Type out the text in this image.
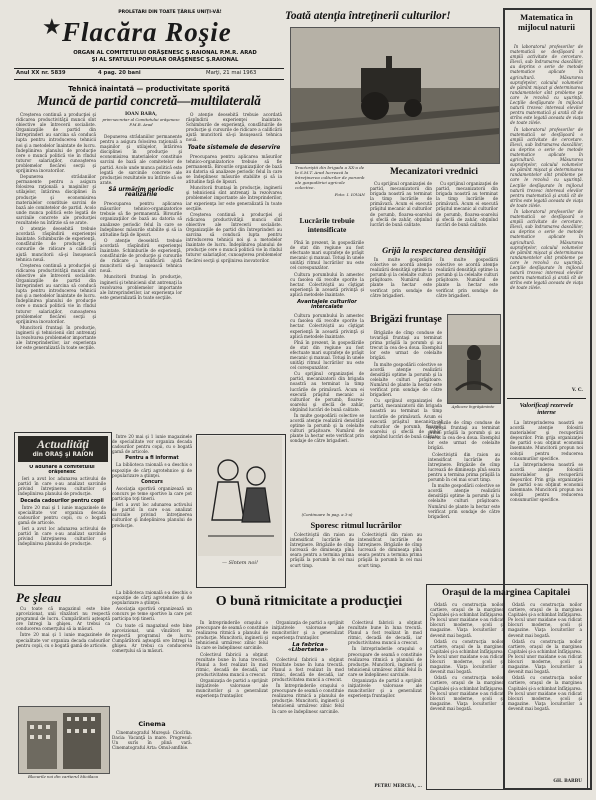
PROLETARI DIN TOATE ŢĂRILE UNIŢI-VĂ!
★ Flacăra Roşie
ORGAN AL COMITETULUI ORĂŞENESC Ş.RAIONAL P.M.R. ARAD
ŞI AL SFATULUI POPULAR ORĂŞENESC Ş.RAIONAL
Anul XX nr. 5839	4 pag. 20 bani	Marţi, 21 mai 1963
Tehnică înaintată — productivitate sporită
Muncă de partid concretă—multilaterală

Creşterea continuă a producţiei şi ridicarea productivităţii muncii sînt obiective ale întrecerii socialiste. Organizaţiile de partid din întreprinderi au sarcina să conducă lupta pentru introducerea tehnicii noi şi a metodelor înaintate de lucru. Îndeplinirea planului de producţie cere o muncă politică vie în rîndul tuturor salariaţilor, cunoaşterea problemelor fiecărei secţii şi sprijinirea inovatorilor.

Depunerea strădaniilor permanente pentru a asigura folosirea raţională a maşinilor şi utilajelor, întărirea disciplinei în producţie şi economisirea materialelor constituie sarcini de bază ale comitetelor de partid. Acolo unde munca politică este legată de sarcinile concrete ale producţiei rezultatele nu întîrzie să se arate.

O atenţie deosebită trebuie acordată răspîndirii experienţei înaintate. Schimburile de experienţă, consfătuirile de producţie şi cursurile de ridicare a calificării ajută muncitorii să-şi însuşească tehnica nouă.

Creşterea continuă a producţiei şi ridicarea productivităţii muncii sînt obiective ale întrecerii socialiste. Organizaţiile de partid din întreprinderi au sarcina să conducă lupta pentru introducerea tehnicii noi şi a metodelor înaintate de lucru. Îndeplinirea planului de producţie cere o muncă politică vie în rîndul tuturor salariaţilor, cunoaşterea problemelor fiecărei secţii şi sprijinirea inovatorilor.

Muncitorii fruntaşi în producţie, inginerii şi tehnicienii sînt antrenaţi la rezolvarea problemelor importante ale întreprinderilor, iar experienţa lor este generalizată în toate secţiile.

IOAN BABA,
prim-secretar al Comitetului orăşenesc P.M.R. Arad

Depunerea strădaniilor permanente pentru a asigura folosirea raţională a maşinilor şi utilajelor, întărirea disciplinei în producţie şi economisirea materialelor constituie sarcini de bază ale comitetelor de partid. Acolo unde munca politică este legată de sarcinile concrete ale producţiei rezultatele nu întîrzie să se arate.

Să urmărim periodic realizările

Preocuparea pentru aplicarea măsurilor tehnico-organizatorice trebuie să fie permanentă. Birourile organizaţiilor de bază au datoria să analizeze periodic felul în care se îndeplinesc măsurile stabilite şi să ia atitudine faţă de lipsuri.

O atenţie deosebită trebuie acordată răspîndirii experienţei înaintate. Schimburile de experienţă, consfătuirile de producţie şi cursurile de ridicare a calificării ajută muncitorii să-şi însuşească tehnica nouă.

Muncitorii fruntaşi în producţie, inginerii şi tehnicienii sînt antrenaţi la rezolvarea problemelor importante ale întreprinderilor, iar experienţa lor este generalizată în toate secţiile.

O atenţie deosebită trebuie acordată răspîndirii experienţei înaintate. Schimburile de experienţă, consfătuirile de producţie şi cursurile de ridicare a calificării ajută muncitorii să-şi însuşească tehnica nouă.

Toate sistemele de deservire

Preocuparea pentru aplicarea măsurilor tehnico-organizatorice trebuie să fie permanentă. Birourile organizaţiilor de bază au datoria să analizeze periodic felul în care se îndeplinesc măsurile stabilite şi să ia atitudine faţă de lipsuri.

Muncitorii fruntaşi în producţie, inginerii şi tehnicienii sînt antrenaţi la rezolvarea problemelor importante ale întreprinderilor, iar experienţa lor este generalizată în toate secţiile.

Creşterea continuă a producţiei şi ridicarea productivităţii muncii sînt obiective ale întrecerii socialiste. Organizaţiile de partid din întreprinderi au sarcina să conducă lupta pentru introducerea tehnicii noi şi a metodelor înaintate de lucru. Îndeplinirea planului de producţie cere o muncă politică vie în rîndul tuturor salariaţilor, cunoaşterea problemelor fiecărei secţii şi sprijinirea inovatorilor.

Toată atenţia întreţinerii culturilor!
Tractoriştii din brigada a XX-a de la S.M.T. Arad lucrează la întreţinerea culturilor de porumb ale gospodăriei agricole colective.
Foto: I. IOVAN
Mecanizatori vrednici

Cu sprijinul organizaţiei de partid, mecanizatorii din brigada noastră au terminat la timp lucrările de primăvară. Acum ei execută prăşitul mecanic al culturilor de porumb, floarea-soarelui şi sfeclă de zahăr, obţinînd lucrări de bună calitate.

Cu sprijinul organizaţiei de partid, mecanizatorii din brigada noastră au terminat la timp lucrările de primăvară. Acum ei execută prăşitul mecanic al culturilor de porumb, floarea-soarelui şi sfeclă de zahăr, obţinînd lucrări de bună calitate.

Lucrările trebuie intensificate

Pînă în prezent, în gospodăriile de stat din regiune au fost efectuate mari suprafeţe de prăşit mecanic şi manual. Totuşi în unele unităţi ritmul lucrărilor nu este cel corespunzător.

Cultura porumbului în amestec cu fasolea dă recolte sporite la hectar. Colectiviştii au cîştigat experienţă în această privinţă şi aplică metodele înaintate.

Avantajele culturilor intercalate

Cultura porumbului în amestec cu fasolea dă recolte sporite la hectar. Colectiviştii au cîştigat experienţă în această privinţă şi aplică metodele înaintate.

Pînă în prezent, în gospodăriile de stat din regiune au fost efectuate mari suprafeţe de prăşit mecanic şi manual. Totuşi în unele unităţi ritmul lucrărilor nu este cel corespunzător.

Cu sprijinul organizaţiei de partid, mecanizatorii din brigada noastră au terminat la timp lucrările de primăvară. Acum ei execută prăşitul mecanic al culturilor de porumb, floarea-soarelui şi sfeclă de zahăr, obţinînd lucrări de bună calitate.

În multe gospodării colective se acordă atenţie realizării densităţii optime la porumb şi la celelalte culturi prăşitoare. Numărul de plante la hectar este verificat prin sondaje de către brigadieri.

Grijă la respectarea densităţii

În multe gospodării colective se acordă atenţie realizării densităţii optime la porumb şi la celelalte culturi prăşitoare. Numărul de plante la hectar este verificat prin sondaje de către brigadieri.

În multe gospodării colective se acordă atenţie realizării densităţii optime la porumb şi la celelalte culturi prăşitoare. Numărul de plante la hectar este verificat prin sondaje de către brigadieri.

Brigăzi fruntaşe

Brigăzile de cîmp conduse de tovarăşii fruntaşi au terminat prima prăşilă la porumb şi au trecut la cea de-a doua. Exemplul lor este urmat de celelalte brigăzi.

În multe gospodării colective se acordă atenţie realizării densităţii optime la porumb şi la celelalte culturi prăşitoare. Numărul de plante la hectar este verificat prin sondaje de către brigadieri.

Cu sprijinul organizaţiei de partid, mecanizatorii din brigada noastră au terminat la timp lucrările de primăvară. Acum ei execută prăşitul mecanic al culturilor de porumb, floarea-soarelui şi sfeclă de zahăr, obţinînd lucrări de bună calitate.

Aplicare îngrăşăminte
Matematica în mijlocul naturii

În laboratorul profesorilor de matematică se desfăşoară o amplă activitate de cercetare. Elevii, sub îndrumarea dascălilor, au deprins o serie de metode matematice aplicate în agricultură. Măsurarea suprafeţelor, calculul volumelor de pămînt mişcat şi determinarea randamentelor sînt probleme pe care le rezolvă cu uşurinţă. Lecţiile desfăşurate în mijlocul naturii trezesc interesul elevilor pentru matematică şi arată cît de strîns este legată aceasta de viaţa de toate zilele.

În laboratorul profesorilor de matematică se desfăşoară o amplă activitate de cercetare. Elevii, sub îndrumarea dascălilor, au deprins o serie de metode matematice aplicate în agricultură. Măsurarea suprafeţelor, calculul volumelor de pămînt mişcat şi determinarea randamentelor sînt probleme pe care le rezolvă cu uşurinţă. Lecţiile desfăşurate în mijlocul naturii trezesc interesul elevilor pentru matematică şi arată cît de strîns este legată aceasta de viaţa de toate zilele.

În laboratorul profesorilor de matematică se desfăşoară o amplă activitate de cercetare. Elevii, sub îndrumarea dascălilor, au deprins o serie de metode matematice aplicate în agricultură. Măsurarea suprafeţelor, calculul volumelor de pămînt mişcat şi determinarea randamentelor sînt probleme pe care le rezolvă cu uşurinţă. Lecţiile desfăşurate în mijlocul naturii trezesc interesul elevilor pentru matematică şi arată cît de strîns este legată aceasta de viaţa de toate zilele.

V. C.
Valorificaţi rezervele interne

La întreprinderea noastră se acordă atenţie folosirii materialelor şi recuperării deşeurilor. Prin grija organizaţiei de partid s-au obţinut economii însemnate. Muncitorii propun noi soluţii pentru reducerea consumurilor specifice.

La întreprinderea noastră se acordă atenţie folosirii materialelor şi recuperării deşeurilor. Prin grija organizaţiei de partid s-au obţinut economii însemnate. Muncitorii propun noi soluţii pentru reducerea consumurilor specifice.

Actualităţi
din ORAŞ şi RAION
O adunare a comitetului orăşenesc

Ieri a avut loc adunarea activului de partid în care s-au analizat sarcinile privind întreţinerea culturilor şi îndeplinirea planului de producţie.

Decada cadourilor pentru copii

Între 20 mai şi 1 iunie magazinele de specialitate vor organiza decada cadourilor pentru copii, cu o bogată gamă de articole.

Ieri a avut loc adunarea activului de partid în care s-au analizat sarcinile privind întreţinerea culturilor şi îndeplinirea planului de producţie.

Între 20 mai şi 1 iunie magazinele de specialitate vor organiza decada cadourilor pentru copii, cu o bogată gamă de articole.

Pentru a fi informat

La biblioteca raională s-a deschis o expoziţie de cărţi agrotehnice şi de popularizare a ştiinţei.

Concurs

Asociaţia sportivă organizează un concurs pe teme sportive la care pot participa toţi tinerii.

Ieri a avut loc adunarea activului de partid în care s-au analizat sarcinile privind întreţinerea culturilor şi îndeplinirea planului de producţie.

— Sîntem noi!
Sporesc ritmul lucrărilor

Colectiviştii din raion au intensificat lucrările de întreţinere. Brigăzile de cîmp lucrează de dimineaţa pînă seara pentru a termina prima prăşilă la porumb în cel mai scurt timp.

Colectiviştii din raion au intensificat lucrările de întreţinere. Brigăzile de cîmp lucrează de dimineaţa pînă seara pentru a termina prima prăşilă la porumb în cel mai scurt timp.

Brigăzile de cîmp conduse de tovarăşii fruntaşi au terminat prima prăşilă la porumb şi au trecut la cea de-a doua. Exemplul lor este urmat de celelalte brigăzi.

Colectiviştii din raion au intensificat lucrările de întreţinere. Brigăzile de cîmp lucrează de dimineaţa pînă seara pentru a termina prima prăşilă la porumb în cel mai scurt timp.

În multe gospodării colective se acordă atenţie realizării densităţii optime la porumb şi la celelalte culturi prăşitoare. Numărul de plante la hectar este verificat prin sondaje de către brigadieri.

Pe şleau

Cu toate că magazinul este bine aprovizionat, unii vînzători nu respectă programul de lucru. Cumpărătorii aşteaptă ore întregi la ghişeu. Ar trebui ca conducerea comerţului să ia măsuri.

Între 20 mai şi 1 iunie magazinele de specialitate vor organiza decada cadourilor pentru copii, cu o bogată gamă de articole.

Blocurile noi din cartierul Micălaca
Cinema

Cinematograful Mureşul: Ciocîrlia. Dacia: Vacanţă la mare. Progresul: Un surîs în plină vară. Cinematograful Arta: Omul-amfibie.

La biblioteca raională s-a deschis o expoziţie de cărţi agrotehnice şi de popularizare a ştiinţei.

Asociaţia sportivă organizează un concurs pe teme sportive la care pot participa toţi tinerii.

Cu toate că magazinul este bine aprovizionat, unii vînzători nu respectă programul de lucru. Cumpărătorii aşteaptă ore întregi la ghişeu. Ar trebui ca conducerea comerţului să ia măsuri.

O bună ritmicitate a producţiei

În întreprinderile oraşului o preocupare de seamă o constituie realizarea ritmică a planului de producţie. Muncitorii, inginerii şi tehnicienii urmăresc zilnic felul în care se îndeplinesc sarcinile.

Colectivul fabricii a obţinut rezultate bune în luna trecută. Planul a fost realizat în mod ritmic, decadă de decadă, iar productivitatea muncii a crescut.

Organizaţia de partid a sprijinit iniţiativele valoroase ale muncitorilor şi a generalizat experienţa fruntaşilor.

Organizaţia de partid a sprijinit iniţiativele valoroase ale muncitorilor şi a generalizat experienţa fruntaşilor.

La fabrica «Libertatea»

Colectivul fabricii a obţinut rezultate bune în luna trecută. Planul a fost realizat în mod ritmic, decadă de decadă, iar productivitatea muncii a crescut.

În întreprinderile oraşului o preocupare de seamă o constituie realizarea ritmică a planului de producţie. Muncitorii, inginerii şi tehnicienii urmăresc zilnic felul în care se îndeplinesc sarcinile.

Colectivul fabricii a obţinut rezultate bune în luna trecută. Planul a fost realizat în mod ritmic, decadă de decadă, iar productivitatea muncii a crescut.

În întreprinderile oraşului o preocupare de seamă o constituie realizarea ritmică a planului de producţie. Muncitorii, inginerii şi tehnicienii urmăresc zilnic felul în care se îndeplinesc sarcinile.

Organizaţia de partid a sprijinit iniţiativele valoroase ale muncitorilor şi a generalizat experienţa fruntaşilor.

PETRU MERCEA, ...
Oraşul de la marginea Capitalei

Odată cu construcţia noilor cartiere, oraşul de la marginea Capitalei şi-a schimbat înfăţişarea. Pe locul unor maidane s-au ridicat blocuri moderne, şcoli şi magazine. Viaţa locuitorilor a devenit mai bogată.

Odată cu construcţia noilor cartiere, oraşul de la marginea Capitalei şi-a schimbat înfăţişarea. Pe locul unor maidane s-au ridicat blocuri moderne, şcoli şi magazine. Viaţa locuitorilor a devenit mai bogată.

Odată cu construcţia noilor cartiere, oraşul de la marginea Capitalei şi-a schimbat înfăţişarea. Pe locul unor maidane s-au ridicat blocuri moderne, şcoli şi magazine. Viaţa locuitorilor a devenit mai bogată.

Odată cu construcţia noilor cartiere, oraşul de la marginea Capitalei şi-a schimbat înfăţişarea. Pe locul unor maidane s-au ridicat blocuri moderne, şcoli şi magazine. Viaţa locuitorilor a devenit mai bogată.

Odată cu construcţia noilor cartiere, oraşul de la marginea Capitalei şi-a schimbat înfăţişarea. Pe locul unor maidane s-au ridicat blocuri moderne, şcoli şi magazine. Viaţa locuitorilor a devenit mai bogată.

Odată cu construcţia noilor cartiere, oraşul de la marginea Capitalei şi-a schimbat înfăţişarea. Pe locul unor maidane s-au ridicat blocuri moderne, şcoli şi magazine. Viaţa locuitorilor a devenit mai bogată.

GH. BARBU
(Continuare în pag. a 3-a)
